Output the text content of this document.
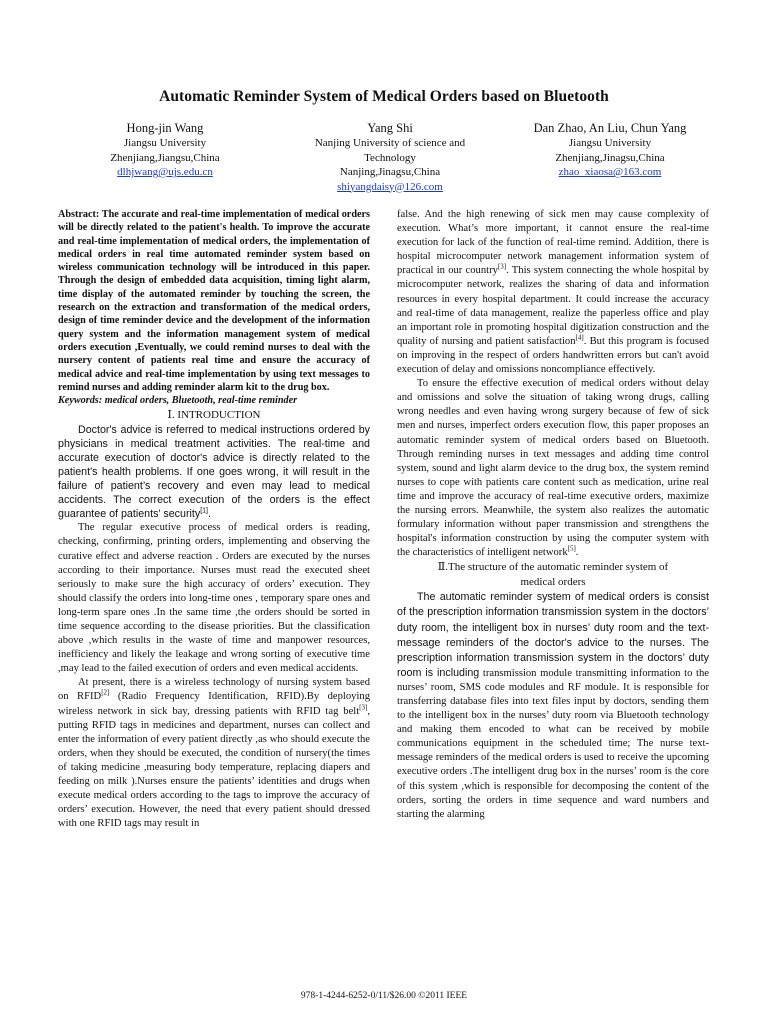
Automatic Reminder System of Medical Orders based on Bluetooth
Hong-jin Wang
Jiangsu University
Zhenjiang,Jiangsu,China
dlhjwang@ujs.edu.cn
Yang Shi
Nanjing University of science and
Technology
Nanjing,Jinagsu,China
shiyangdaisy@126.com
Dan Zhao, An Liu, Chun Yang
Jiangsu University
Zhenjiang,Jinagsu,China
zhao_xiaosa@163.com

Abstract: The accurate and real-time implementation of medical orders will be directly related to the patient's health. To improve the accurate and real-time implementation of medical orders, the implementation of medical orders in real time automated reminder system based on wireless communication technology will be introduced in this paper. Through the design of embedded data acquisition, timing light alarm, time display of the automated reminder by touching the screen, the research on the extraction and transformation of the medical orders, design of time reminder device and the development of the information query system and the information management system of medical orders execution ,Eventually, we could remind nurses to deal with the nursery content of patients real time and ensure the accuracy of medical advice and real-time implementation by using text messages to remind nurses and adding reminder alarm kit to the drug box.

Keywords: medical orders, Bluetooth, real-time reminder

Ⅰ. INTRODUCTION

Doctor's advice is referred to medical instructions ordered by physicians in medical treatment activities. The real-time and accurate execution of doctor's advice is directly related to the patient's health problems. If one goes wrong, it will result in the failure of patient’s recovery and even may lead to medical accidents. The correct execution of the orders is the effect guarantee of patients’ security[1].

The regular executive process of medical orders is reading, checking, confirming, printing orders, implementing and observing the curative effect and adverse reaction . Orders are executed by the nurses according to their importance. Nurses must read the executed sheet seriously to make sure the high accuracy of orders’ execution. They should classify the orders into long-time ones , temporary spare ones and long-term spare ones .In the same time ,the orders should be sorted in time sequence according to the disease priorities. But the classification above ,which results in the waste of time and manpower resources, inefficiency and likely the leakage and wrong sorting of executive time ,may lead to the failed execution of orders and even medical accidents.

At present, there is a wireless technology of nursing system based on RFID[2] (Radio Frequency Identification, RFID).By deploying wireless network in sick bay, dressing patients with RFID tag belt[3], putting RFID tags in medicines and department, nurses can collect and enter the information of every patient directly ,as who should execute the orders, when they should be executed, the condition of nursery(the times of taking medicine ,measuring body temperature, replacing diapers and feeding on milk ).Nurses ensure the patients’ identities and drugs when execute medical orders according to the tags to improve the accuracy of orders’ execution. However, the need that every patient should dressed with one RFID tags may result in

false. And the high renewing of sick men may cause complexity of execution. What’s more important, it cannot ensure the real-time execution for lack of the function of real-time remind. Addition, there is hospital microcomputer network management information system of practical in our country[3]. This system connecting the whole hospital by microcomputer network, realizes the sharing of data and information resources in every hospital department. It could increase the accuracy and real-time of data management, realize the paperless office and play an important role in promoting hospital digitization construction and the quality of nursing and patient satisfaction[4]. But this program is focused on improving in the respect of orders handwritten errors but can't avoid execution of delay and omissions noncompliance effectively.

To ensure the effective execution of medical orders without delay and omissions and solve the situation of taking wrong drugs, calling wrong needles and even having wrong surgery because of few of sick men and nurses, imperfect orders execution flow, this paper proposes an automatic reminder system of medical orders based on Bluetooth. Through reminding nurses in text messages and adding time control system, sound and light alarm device to the drug box, the system remind nurses to cope with patients care content such as medication, urine real time and improve the accuracy of real-time executive orders, maximize the nursing errors. Meanwhile, the system also realizes the automatic formulary information without paper transmission and strengthens the hospital's information construction by using the computer system with the characteristics of intelligent network[5].

Ⅱ.The structure of the automatic reminder system of
medical orders

The automatic reminder system of medical orders is consist of the prescription information transmission system in the doctors’ duty room, the intelligent box in nurses’ duty room and the text-message reminders of the doctor's advice to the nurses. The prescription information transmission system in the doctors’ duty room is including transmission module transmitting information to the nurses’ room, SMS code modules and RF module. It is responsible for transferring database files into text files input by doctors, sending them to the intelligent box in the nurses’ duty room via Bluetooth technology and making them encoded to what can be received by mobile communications equipment in the scheduled time; The nurse text-message reminders of the medical orders is used to receive the upcoming executive orders .The intelligent drug box in the nurses’ room is the core of this system ,which is responsible for decomposing the content of the orders, sorting the orders in time sequence and ward numbers and starting the alarming

978-1-4244-6252-0/11/$26.00 ©2011 IEEE
